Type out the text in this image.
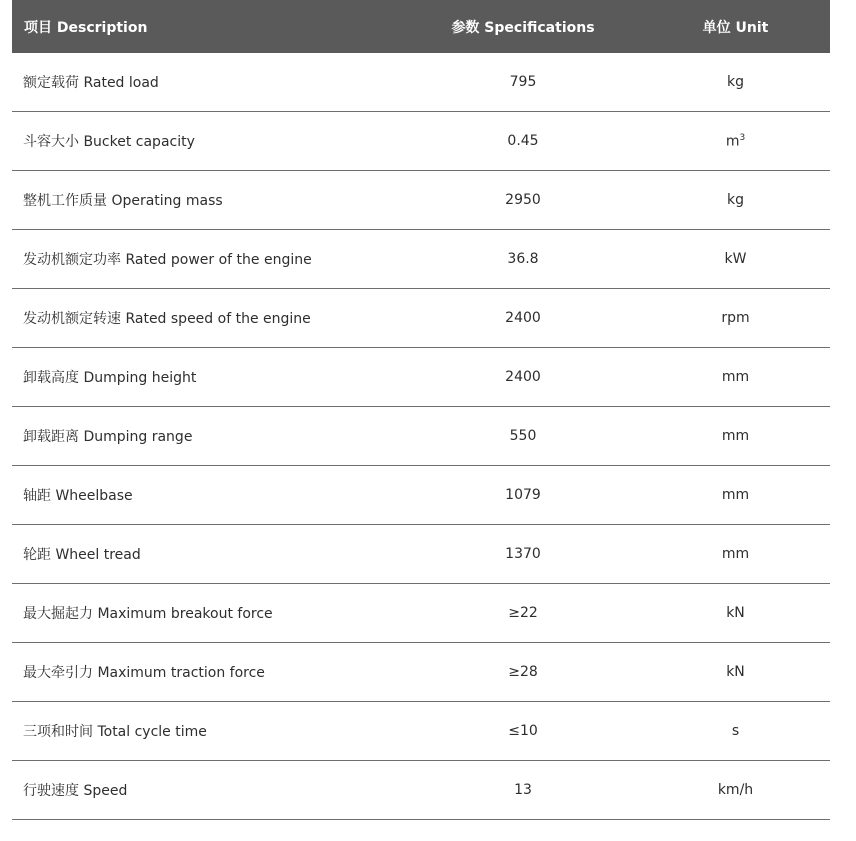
项目 Description	参数 Specifications	单位 Unit
额定载荷 Rated load	795	kg
斗容大小 Bucket capacity	0.45	$m^3$
整机工作质量 Operating mass	2950	kg
发动机额定功率 Rated power of the engine	36.8	kW
发动机额定转速 Rated speed of the engine	2400	rpm
卸载高度 Dumping height	2400	mm
卸载距离 Dumping range	550	mm
轴距 Wheelbase	1079	mm
轮距 Wheel tread	1370	mm
最大掘起力 Maximum breakout force	≥22	kN
最大牵引力 Maximum traction force	≥28	kN
三项和时间 Total cycle time	≤10	s
行驶速度 Speed	13	km/h
